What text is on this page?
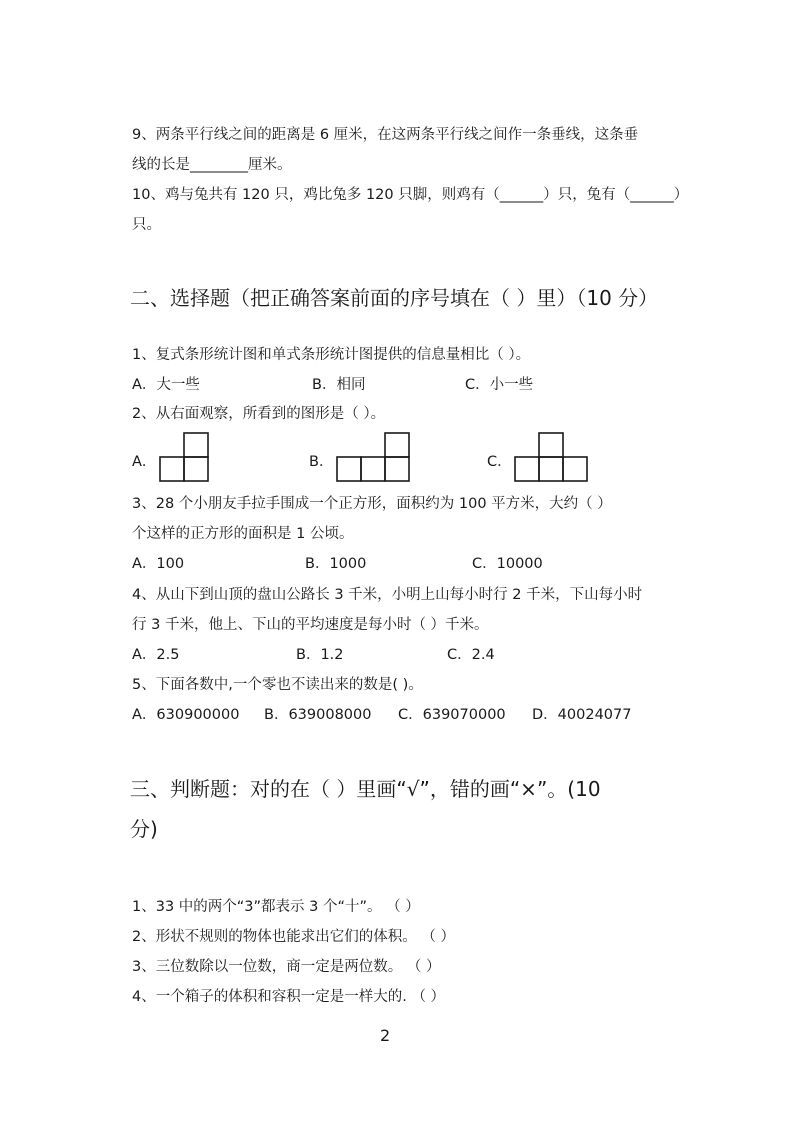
9、两条平行线之间的距离是 6 厘米，在这两条平行线之间作一条垂线，这条垂
线的长是________厘米。
10、鸡与兔共有 120 只，鸡比兔多 120 只脚，则鸡有（______）只，兔有（______）
只。
二、选择题（把正确答案前面的序号填在（ ）里）（10 分）
1、复式条形统计图和单式条形统计图提供的信息量相比（ ）。
A．大一些	B．相同	C．小一些
2、从右面观察，所看到的图形是（ ）。
A．	B．	C．
3、28 个小朋友手拉手围成一个正方形，面积约为 100 平方米，大约（ ）
个这样的正方形的面积是 1 公顷。
A．100	B．1000	C．10000
4、从山下到山顶的盘山公路长 3 千米，小明上山每小时行 2 千米，下山每小时
行 3 千米，他上、下山的平均速度是每小时（ ）千米。
A．2.5	B．1.2	C．2.4
5、下面各数中,一个零也不读出来的数是( )。
A．630900000 B．639008000 C．639070000 D．40024077
三、判断题：对的在（ ）里画“√”，错的画“×”。(10
分)
1、33 中的两个“3”都表示 3 个“十”。 （ ）
2、形状不规则的物体也能求出它们的体积。 （ ）
3、三位数除以一位数，商一定是两位数。 （ ）
4、一个箱子的体积和容积一定是一样大的. （ ）
2
